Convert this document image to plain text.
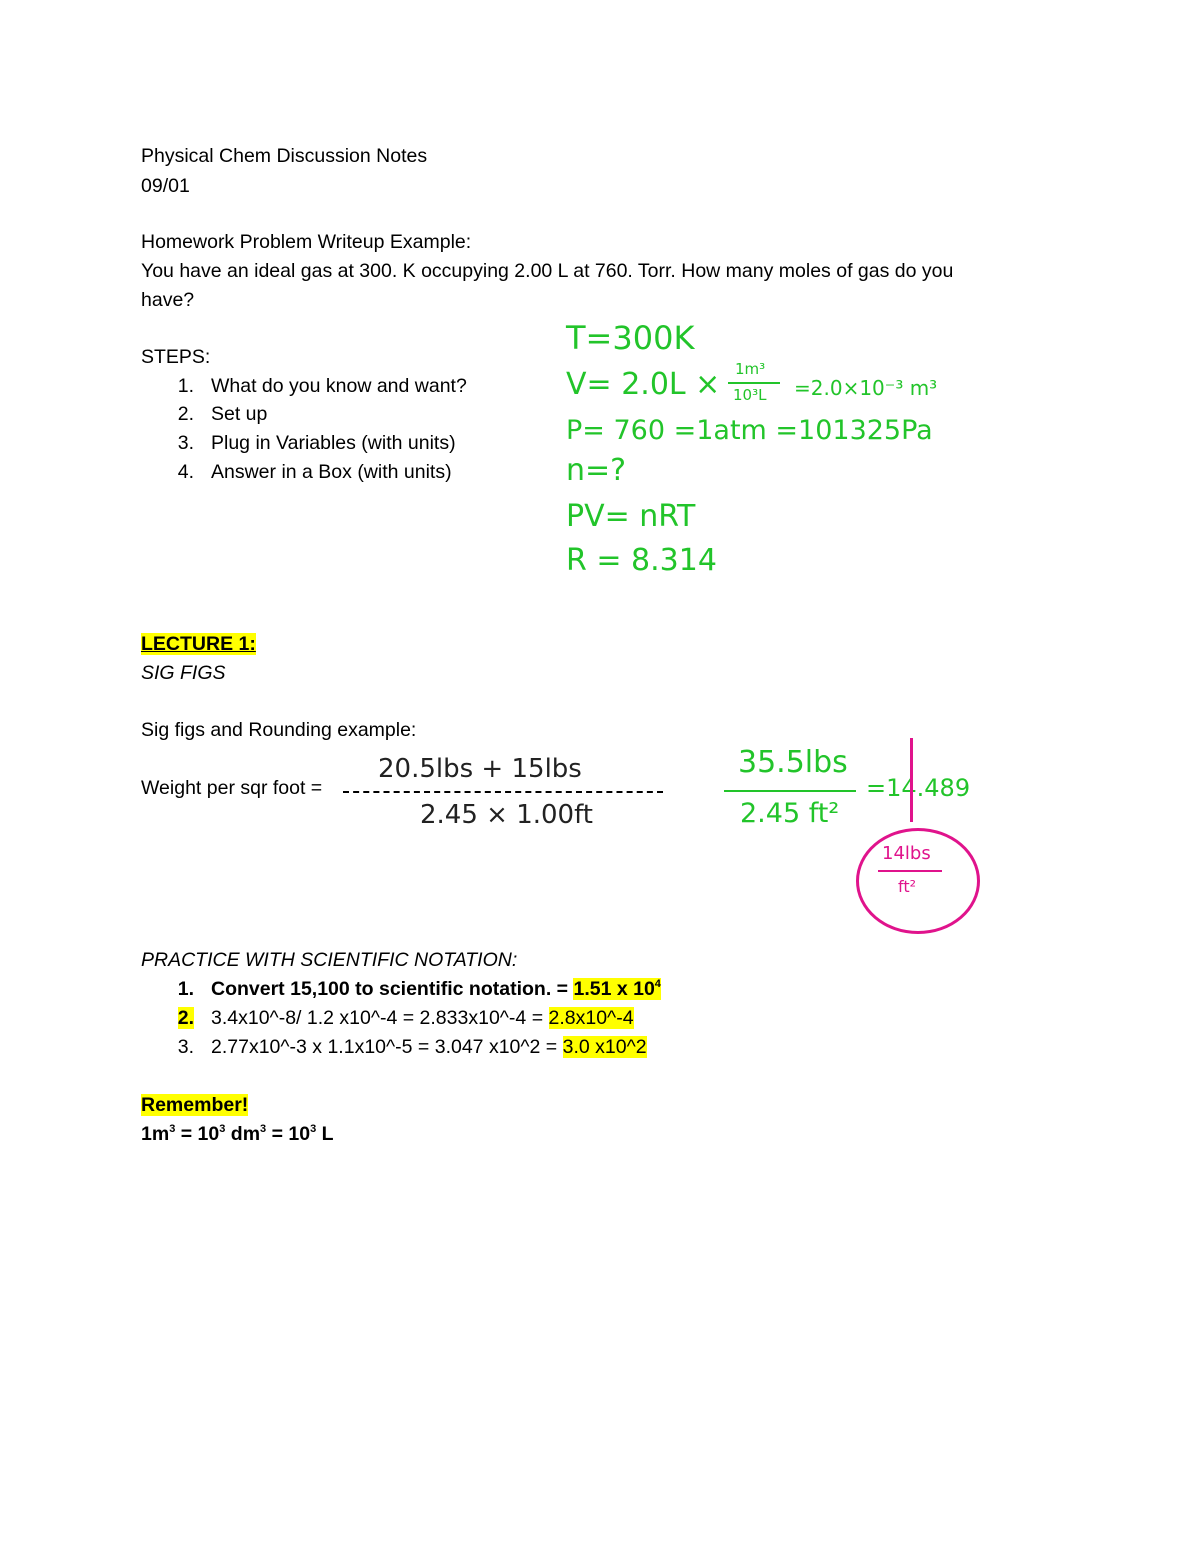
Physical Chem Discussion Notes
09/01
Homework Problem Writeup Example:
You have an ideal gas at 300. K occupying 2.00 L at 760. Torr. How many moles of gas do you
have?
STEPS:
1. What do you know and want?
2. Set up
3. Plug in Variables (with units)
4. Answer in a Box (with units)
T=300K
V= 2.0L × 1m³
10³L =2.0×10⁻³ m³
P= 760 =1atm =101325Pa
n=?
PV= nRT
R = 8.314
LECTURE 1:
SIG FIGS
Sig figs and Rounding example:
Weight per sqr foot =
20.5lbs + 15lbs
2.45 × 1.00ft
35.5lbs
2.45 ft²
=14.489
14lbs
ft²
PRACTICE WITH SCIENTIFIC NOTATION:
1. Convert 15,100 to scientific notation. = 1.51 x $10^4$
2. 3.4x10^-8/ 1.2 x10^-4 = 2.833x10^-4 = 2.8x10^-4
3. 2.77x10^-3 x 1.1x10^-5 = 3.047 x10^2 = 3.0 x10^2
Remember!
$1m^3 = 10^3$ $dm^3 = 10^3$ L
